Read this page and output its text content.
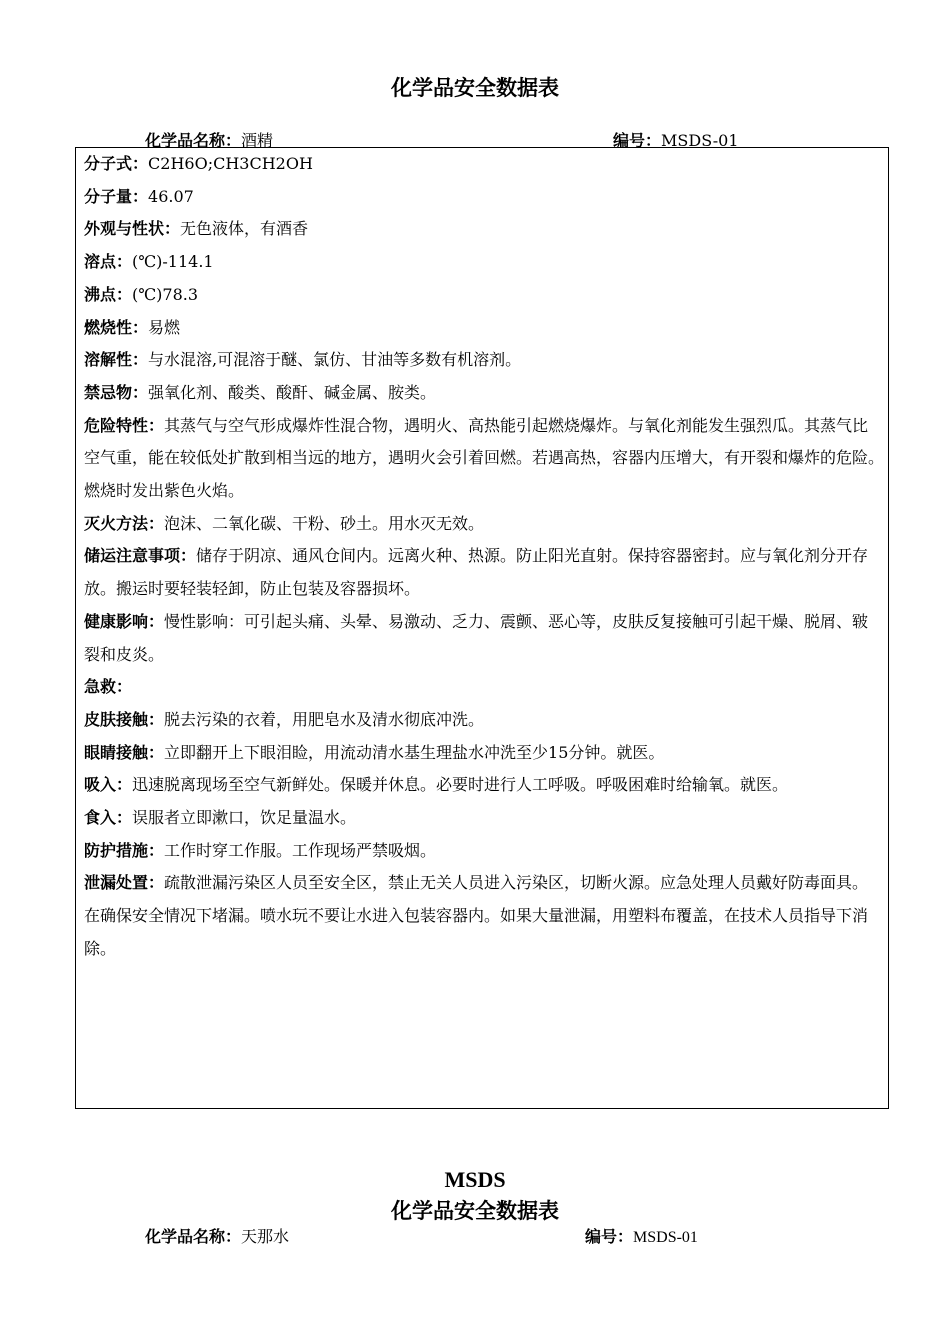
化学品安全数据表
化学品名称：酒精	编号：MSDS-01

分子式：C2H6O;CH3CH2OH

分子量：46.07

外观与性状：无色液体，有酒香

溶点：(℃)-114.1

沸点：(℃)78.3

燃烧性：易燃

溶解性：与水混溶,可混溶于醚、氯仿、甘油等多数有机溶剂。

禁忌物：强氧化剂、酸类、酸酐、碱金属、胺类。

危险特性：其蒸气与空气形成爆炸性混合物，遇明火、高热能引起燃烧爆炸。与氧化剂能发生强烈瓜。其蒸气比空气重，能在较低处扩散到相当远的地方，遇明火会引着回燃。若遇高热，容器内压增大，有开裂和爆炸的危险。燃烧时发出紫色火焰。

灭火方法：泡沫、二氧化碳、干粉、砂土。用水灭无效。

储运注意事项：储存于阴凉、通风仓间内。远离火种、热源。防止阳光直射。保持容器密封。应与氧化剂分开存放。搬运时要轻装轻卸，防止包装及容器损坏。

健康影响：慢性影响：可引起头痛、头晕、易激动、乏力、震颤、恶心等，皮肤反复接触可引起干燥、脱屑、皲裂和皮炎。

急救：

皮肤接触：脱去污染的衣着，用肥皂水及清水彻底冲洗。

眼睛接触：立即翻开上下眼泪睑，用流动清水基生理盐水冲洗至少15分钟。就医。

吸入：迅速脱离现场至空气新鲜处。保暖并休息。必要时进行人工呼吸。呼吸困难时给输氧。就医。

食入：误服者立即漱口，饮足量温水。

防护措施：工作时穿工作服。工作现场严禁吸烟。

泄漏处置：疏散泄漏污染区人员至安全区，禁止无关人员进入污染区，切断火源。应急处理人员戴好防毒面具。在确保安全情况下堵漏。喷水玩不要让水进入包装容器内。如果大量泄漏，用塑料布覆盖，在技术人员指导下消除。

MSDS
化学品安全数据表
化学品名称：天那水	编号：MSDS-01
